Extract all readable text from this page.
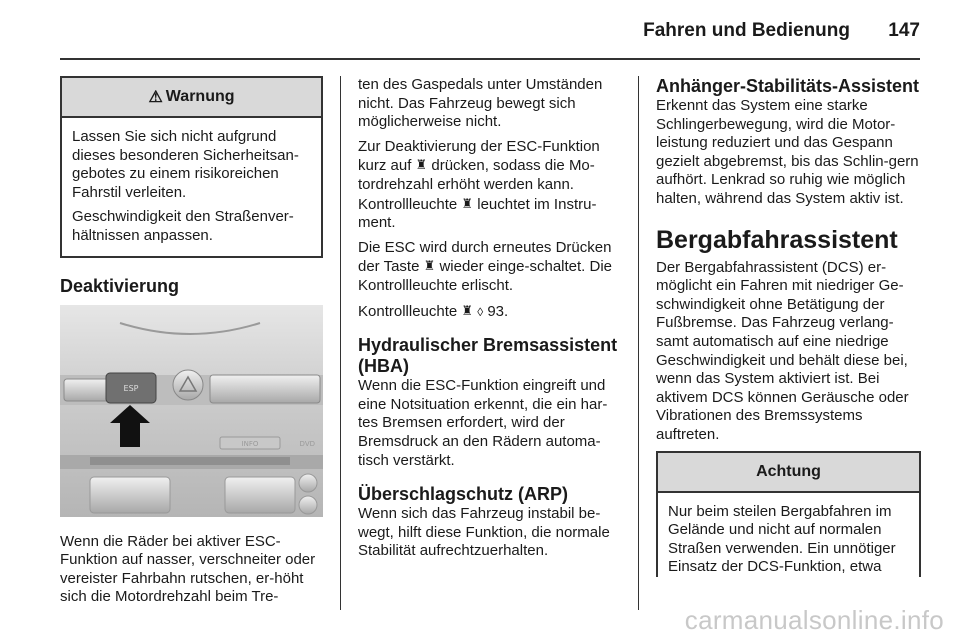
Fahren und Bedienung 147
⚠ Warnung

Lassen Sie sich nicht aufgrund dieses besonderen Sicherheitsan-gebotes zu einem risikoreichen Fahrstil verleiten.

Geschwindigkeit den Straßenver-hältnissen anpassen.

Deaktivierung
ESP
INFO	DVD

Wenn die Räder bei aktiver ESC-Funktion auf nasser, verschneiter oder vereister Fahrbahn rutschen, er-höht sich die Motordrehzahl beim Tre-

ten des Gaspedals unter Umständen nicht. Das Fahrzeug bewegt sich möglicherweise nicht.

Zur Deaktivierung der ESC-Funktion kurz auf ♜ drücken, sodass die Mo-tordrehzahl erhöht werden kann.

Kontrollleuchte ♜ leuchtet im Instru-ment.

Die ESC wird durch erneutes Drücken der Taste ♜ wieder einge-schaltet. Die Kontrollleuchte erlischt.

Kontrollleuchte ♜ ◊ 93.

Hydraulischer Bremsassistent (HBA)

Wenn die ESC-Funktion eingreift und eine Notsituation erkennt, die ein har-tes Bremsen erfordert, wird der Bremsdruck an den Rädern automa-tisch verstärkt.

Überschlagschutz (ARP)

Wenn sich das Fahrzeug instabil be-wegt, hilft diese Funktion, die normale Stabilität aufrechtzuerhalten.

Anhänger-Stabilitäts-Assistent

Erkennt das System eine starke Schlingerbewegung, wird die Motor-leistung reduziert und das Gespann gezielt abgebremst, bis das Schlin-gern aufhört. Lenkrad so ruhig wie möglich halten, während das System aktiv ist.

Bergabfahrassistent

Der Bergabfahrassistent (DCS) er-möglicht ein Fahren mit niedriger Ge-schwindigkeit ohne Betätigung der Fußbremse. Das Fahrzeug verlang-samt automatisch auf eine niedrige Geschwindigkeit und behält diese bei, wenn das System aktiviert ist. Bei aktivem DCS können Geräusche oder Vibrationen des Bremssystems auftreten.

Achtung

Nur beim steilen Bergabfahren im Gelände und nicht auf normalen Straßen verwenden. Ein unnötiger Einsatz der DCS-Funktion, etwa

carmanualsonline.info
